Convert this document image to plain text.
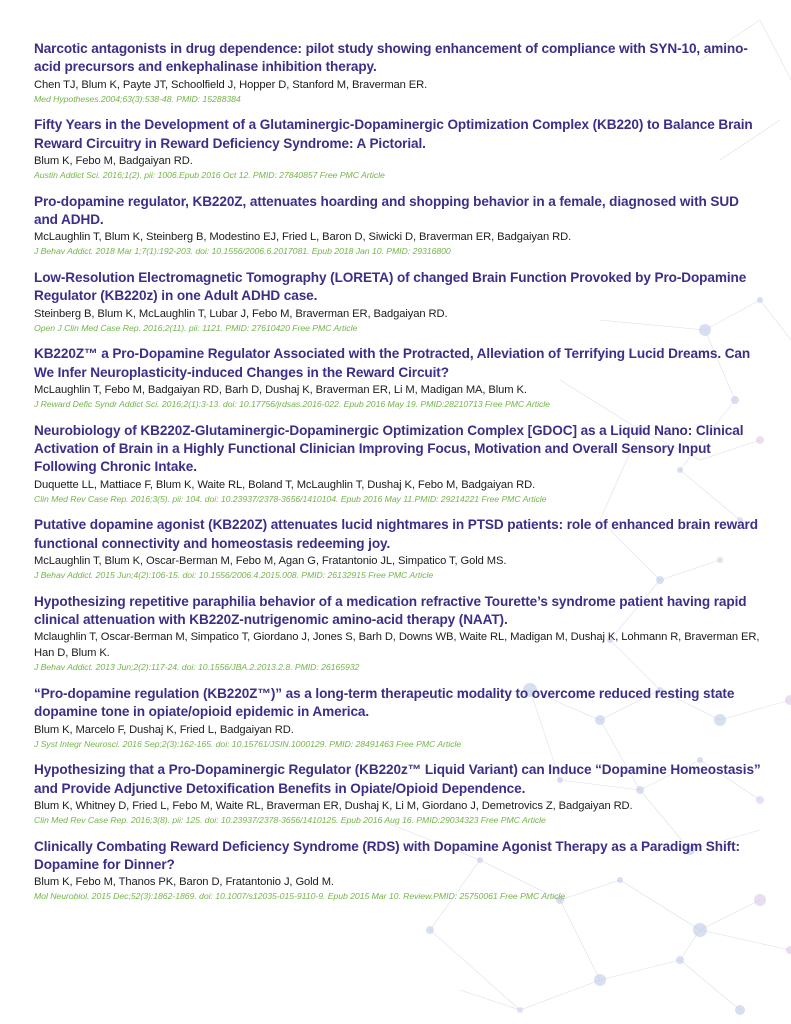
Narcotic antagonists in drug dependence: pilot study showing enhancement of compliance with SYN-10, amino-acid precursors and enkephalinase inhibition therapy.
Chen TJ, Blum K, Payte JT, Schoolfield J, Hopper D, Stanford M, Braverman ER.
Med Hypotheses.2004;63(3):538-48. PMID: 15288384
Fifty Years in the Development of a Glutaminergic-Dopaminergic Optimization Complex (KB220) to Balance Brain Reward Circuitry in Reward Deficiency Syndrome: A Pictorial.
Blum K, Febo M, Badgaiyan RD.
Austin Addict Sci. 2016;1(2). pii: 1006.Epub 2016 Oct 12. PMID: 27840857 Free PMC Article
Pro-dopamine regulator, KB220Z, attenuates hoarding and shopping behavior in a female, diagnosed with SUD and ADHD.
McLaughlin T, Blum K, Steinberg B, Modestino EJ, Fried L, Baron D, Siwicki D, Braverman ER, Badgaiyan RD.
J Behav Addict. 2018 Mar 1;7(1):192-203. doi: 10.1556/2006.6.2017081. Epub 2018 Jan 10. PMID: 29316800
Low-Resolution Electromagnetic Tomography (LORETA) of changed Brain Function Provoked by Pro-Dopamine Regulator (KB220z) in one Adult ADHD case.
Steinberg B, Blum K, McLaughlin T, Lubar J, Febo M, Braverman ER, Badgaiyan RD.
Open J Clin Med Case Rep. 2016;2(11). pii: 1121. PMID: 27610420 Free PMC Article
KB220Z™ a Pro-Dopamine Regulator Associated with the Protracted, Alleviation of Terrifying Lucid Dreams. Can We Infer Neuroplasticity-induced Changes in the Reward Circuit?
McLaughlin T, Febo M, Badgaiyan RD, Barh D, Dushaj K, Braverman ER, Li M, Madigan MA, Blum K.
J Reward Defic Syndr Addict Sci. 2016;2(1):3-13. doi: 10.17756/jrdsas.2016-022. Epub 2016 May 19. PMID:28210713 Free PMC Article
Neurobiology of KB220Z-Glutaminergic-Dopaminergic Optimization Complex [GDOC] as a Liquid Nano: Clinical Activation of Brain in a Highly Functional Clinician Improving Focus, Motivation and Overall Sensory Input Following Chronic Intake.
Duquette LL, Mattiace F, Blum K, Waite RL, Boland T, McLaughlin T, Dushaj K, Febo M, Badgaiyan RD.
Clin Med Rev Case Rep. 2016;3(5). pii: 104. doi: 10.23937/2378-3656/1410104. Epub 2016 May 11.PMID: 29214221 Free PMC Article
Putative dopamine agonist (KB220Z) attenuates lucid nightmares in PTSD patients: role of enhanced brain reward functional connectivity and homeostasis redeeming joy.
McLaughlin T, Blum K, Oscar-Berman M, Febo M, Agan G, Fratantonio JL, Simpatico T, Gold MS.
J Behav Addict. 2015 Jun;4(2):106-15. doi: 10.1556/2006.4.2015.008. PMID: 26132915 Free PMC Article
Hypothesizing repetitive paraphilia behavior of a medication refractive Tourette’s syndrome patient having rapid clinical attenuation with KB220Z-nutrigenomic amino-acid therapy (NAAT).
Mclaughlin T, Oscar-Berman M, Simpatico T, Giordano J, Jones S, Barh D, Downs WB, Waite RL, Madigan M, Dushaj K, Lohmann R, Braverman ER, Han D, Blum K.
J Behav Addict. 2013 Jun;2(2):117-24. doi: 10.1556/JBA.2.2013.2.8. PMID: 26165932
“Pro-dopamine regulation (KB220Z™)” as a long-term therapeutic modality to overcome reduced resting state dopamine tone in opiate/opioid epidemic in America.
Blum K, Marcelo F, Dushaj K, Fried L, Badgaiyan RD.
J Syst Integr Neurosci. 2016 Sep;2(3):162-165. doi: 10.15761/JSIN.1000129. PMID: 28491463 Free PMC Article
Hypothesizing that a Pro-Dopaminergic Regulator (KB220z™ Liquid Variant) can Induce “Dopamine Homeostasis” and Provide Adjunctive Detoxification Benefits in Opiate/Opioid Dependence.
Blum K, Whitney D, Fried L, Febo M, Waite RL, Braverman ER, Dushaj K, Li M, Giordano J, Demetrovics Z, Badgaiyan RD.
Clin Med Rev Case Rep. 2016;3(8). pii: 125. doi: 10.23937/2378-3656/1410125. Epub 2016 Aug 16. PMID:29034323 Free PMC Article
Clinically Combating Reward Deficiency Syndrome (RDS) with Dopamine Agonist Therapy as a Paradigm Shift: Dopamine for Dinner?
Blum K, Febo M, Thanos PK, Baron D, Fratantonio J, Gold M.
Mol Neurobiol. 2015 Dec;52(3):1862-1869. doi: 10.1007/s12035-015-9110-9. Epub 2015 Mar 10. Review.PMID: 25750061 Free PMC Article
